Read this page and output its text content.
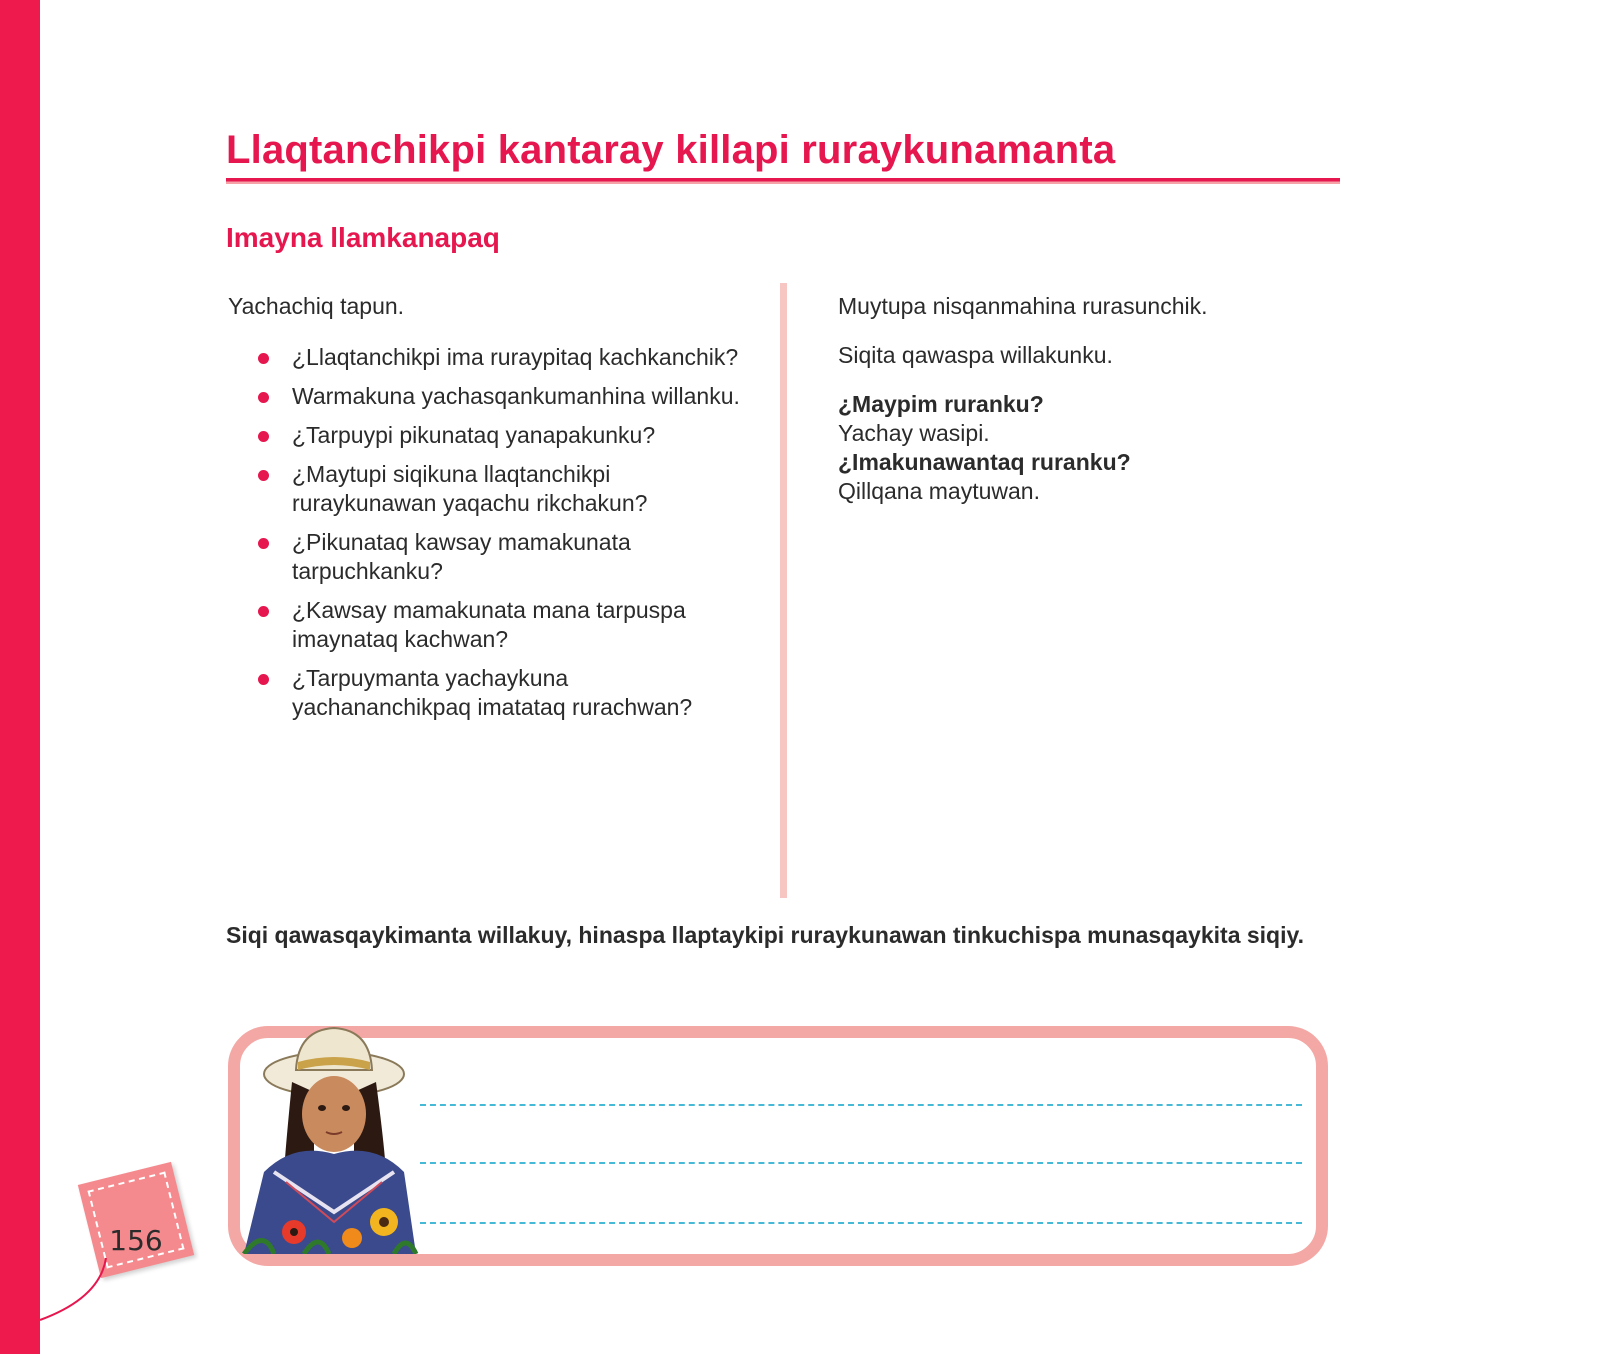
Llaqtanchikpi kantaray killapi ruraykunamanta
Imayna llamkanapaq

Yachachiq tapun.

¿Llaqtanchikpi ima ruraypitaq kachkanchik?
Warmakuna yachasqankumanhina willanku.
¿Tarpuypi pikunataq yanapakunku?
¿Maytupi siqikuna llaqtanchikpi ruraykunawan yaqachu rikchakun?
¿Pikunataq kawsay mamakunata tarpuchkanku?
¿Kawsay mamakunata mana tarpuspa imaynataq kachwan?
¿Tarpuymanta yachaykuna yachananchikpaq imatataq rurachwan?

Muytupa nisqanmahina rurasunchik.

Siqita qawaspa willakunku.

¿Maypim ruranku?

Yachay wasipi.

¿Imakunawantaq ruranku?

Qillqana maytuwan.

Siqi qawasqaykimanta willakuy, hinaspa llaptaykipi ruraykunawan tinkuchispa munasqaykita siqiy.
156
